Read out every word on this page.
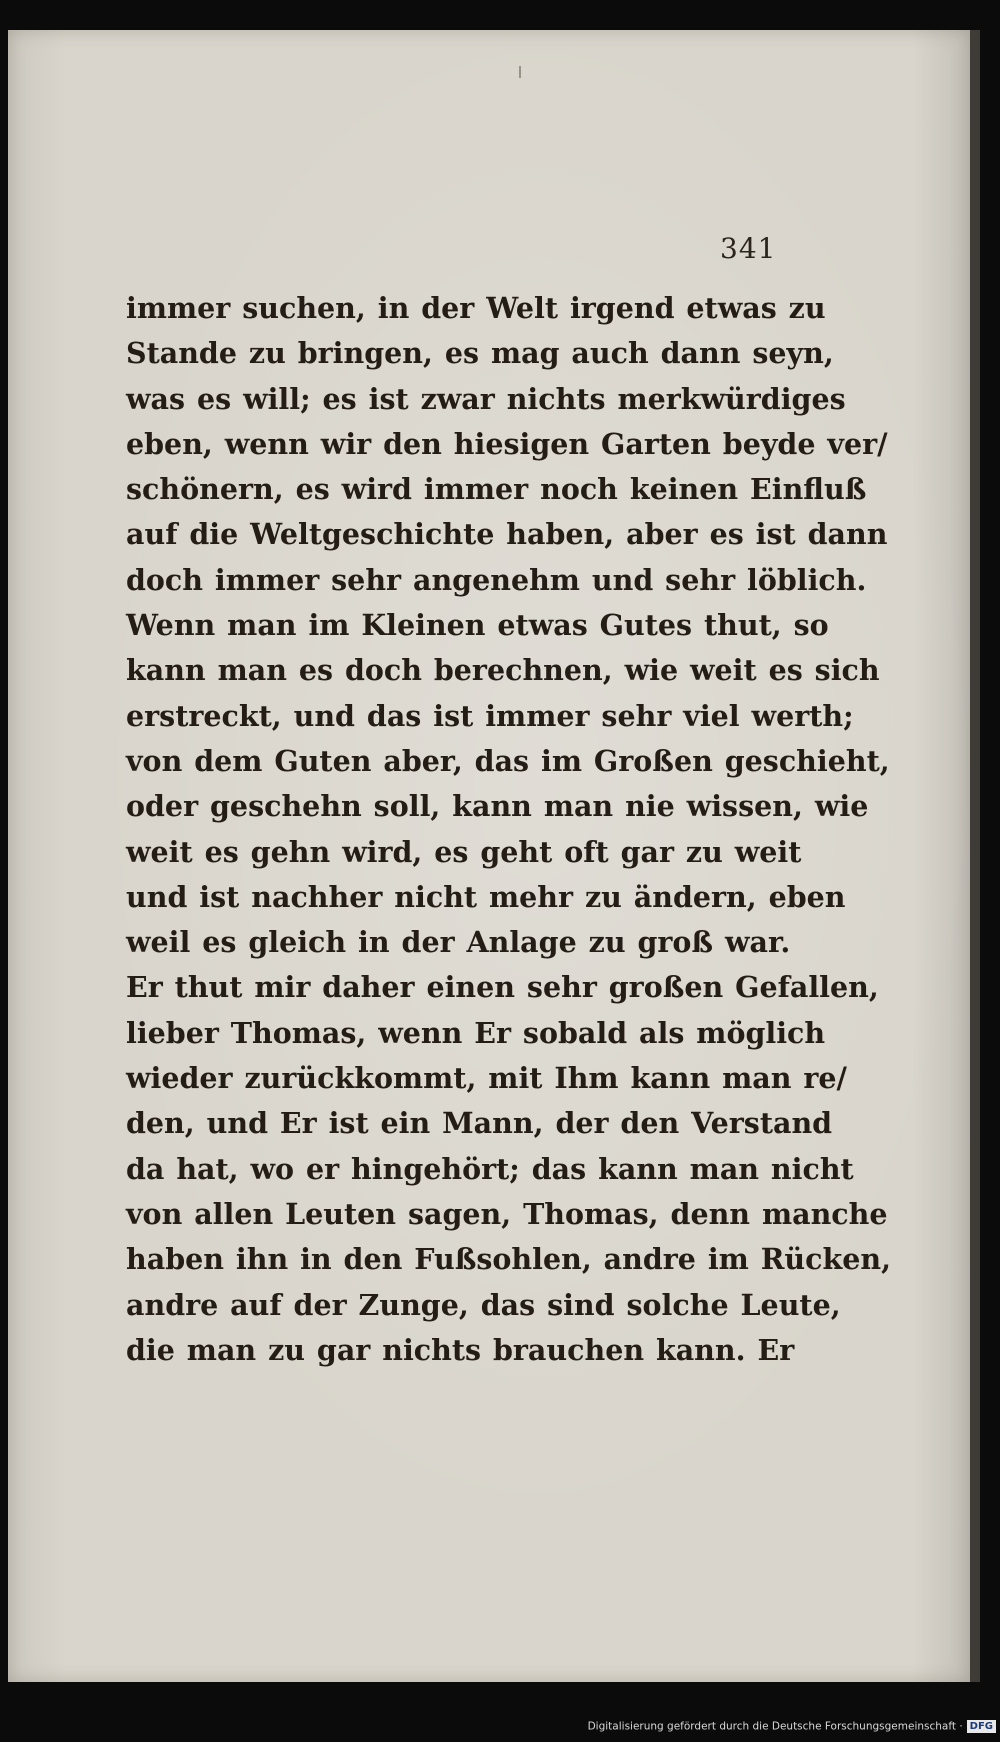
341
immer suchen, in der Welt irgend etwas zu
Stande zu bringen, es mag auch dann seyn,
was es will; es ist zwar nichts merkwürdiges
eben, wenn wir den hiesigen Garten beyde ver/
schönern, es wird immer noch keinen Einfluß
auf die Weltgeschichte haben, aber es ist dann
doch immer sehr angenehm und sehr löblich.
Wenn man im Kleinen etwas Gutes thut, so
kann man es doch berechnen, wie weit es sich
erstreckt, und das ist immer sehr viel werth;
von dem Guten aber, das im Großen geschieht,
oder geschehn soll, kann man nie wissen, wie
weit es gehn wird, es geht oft gar zu weit
und ist nachher nicht mehr zu ändern, eben
weil es gleich in der Anlage zu groß war.
Er thut mir daher einen sehr großen Gefallen,
lieber Thomas, wenn Er sobald als möglich
wieder zurückkommt, mit Ihm kann man re/
den, und Er ist ein Mann, der den Verstand
da hat, wo er hingehört; das kann man nicht
von allen Leuten sagen, Thomas, denn manche
haben ihn in den Fußsohlen, andre im Rücken,
andre auf der Zunge, das sind solche Leute,
die man zu gar nichts brauchen kann. Er
Digitalisierung gefördert durch die Deutsche Forschungsgemeinschaft · DFG
